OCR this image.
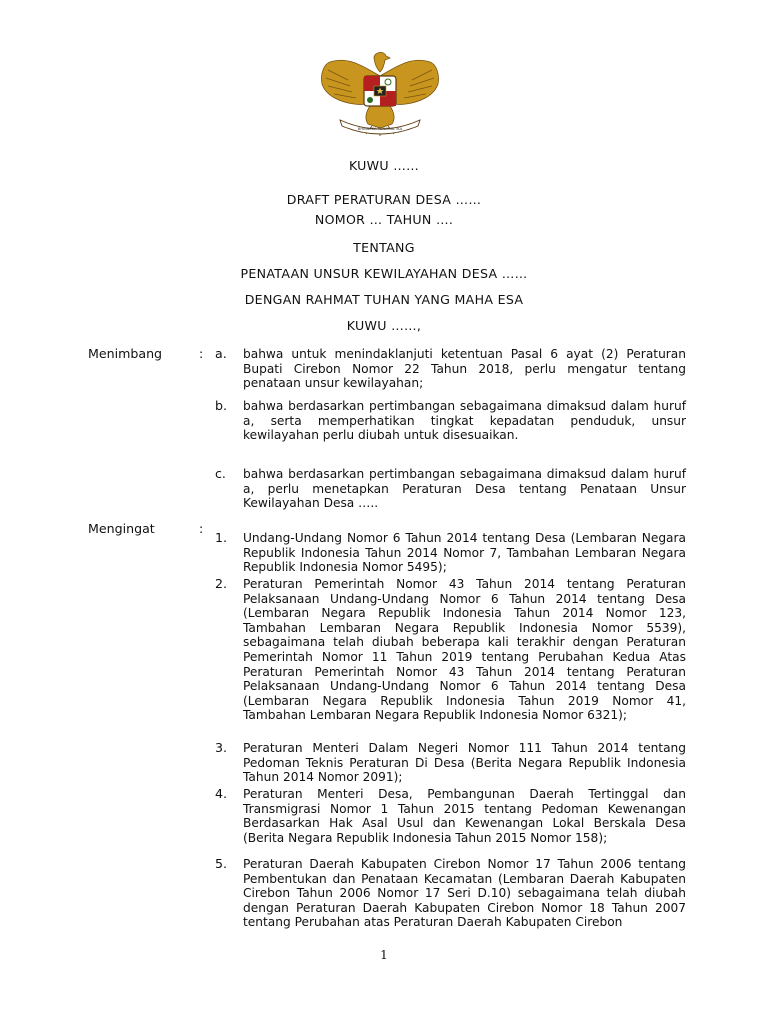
BHINNEKA TUNGGAL IKA
KUWU ……
DRAFT PERATURAN DESA ……
NOMOR … TAHUN ….
TENTANG
PENATAAN UNSUR KEWILAYAHAN DESA ……
DENGAN RAHMAT TUHAN YANG MAHA ESA
KUWU ……,
Menimbang	: a. bahwa untuk menindaklanjuti ketentuan Pasal 6 ayat (2) Peraturan Bupati Cirebon Nomor 22 Tahun 2018, perlu mengatur tentang penataan unsur kewilayahan;
b. bahwa berdasarkan pertimbangan sebagaimana dimaksud dalam huruf a, serta memperhatikan tingkat kepadatan penduduk, unsur kewilayahan perlu diubah untuk disesuaikan.
c. bahwa berdasarkan pertimbangan sebagaimana dimaksud dalam huruf a, perlu menetapkan Peraturan Desa tentang Penataan Unsur Kewilayahan Desa …..
Mengingat	:
1. Undang-Undang Nomor 6 Tahun 2014 tentang Desa (Lembaran Negara Republik Indonesia Tahun 2014 Nomor 7, Tambahan Lembaran Negara Republik Indonesia Nomor 5495);
2. Peraturan Pemerintah Nomor 43 Tahun 2014 tentang Peraturan Pelaksanaan Undang-Undang Nomor 6 Tahun 2014 tentang Desa (Lembaran Negara Republik Indonesia Tahun 2014 Nomor 123, Tambahan Lembaran Negara Republik Indonesia Nomor 5539), sebagaimana telah diubah beberapa kali terakhir dengan Peraturan Pemerintah Nomor 11 Tahun 2019 tentang Perubahan Kedua Atas Peraturan Pemerintah Nomor 43 Tahun 2014 tentang Peraturan Pelaksanaan Undang-Undang Nomor 6 Tahun 2014 tentang Desa (Lembaran Negara Republik Indonesia Tahun 2019 Nomor 41, Tambahan Lembaran Negara Republik Indonesia Nomor 6321);
3. Peraturan Menteri Dalam Negeri Nomor 111 Tahun 2014 tentang Pedoman Teknis Peraturan Di Desa (Berita Negara Republik Indonesia Tahun 2014 Nomor 2091);
4. Peraturan Menteri Desa, Pembangunan Daerah Tertinggal dan Transmigrasi Nomor 1 Tahun 2015 tentang Pedoman Kewenangan Berdasarkan Hak Asal Usul dan Kewenangan Lokal Berskala Desa (Berita Negara Republik Indonesia Tahun 2015 Nomor 158);
5. Peraturan Daerah Kabupaten Cirebon Nomor 17 Tahun 2006 tentang Pembentukan dan Penataan Kecamatan (Lembaran Daerah Kabupaten Cirebon Tahun 2006 Nomor 17 Seri D.10) sebagaimana telah diubah dengan Peraturan Daerah Kabupaten Cirebon Nomor 18 Tahun 2007 tentang Perubahan atas Peraturan Daerah Kabupaten Cirebon
1
